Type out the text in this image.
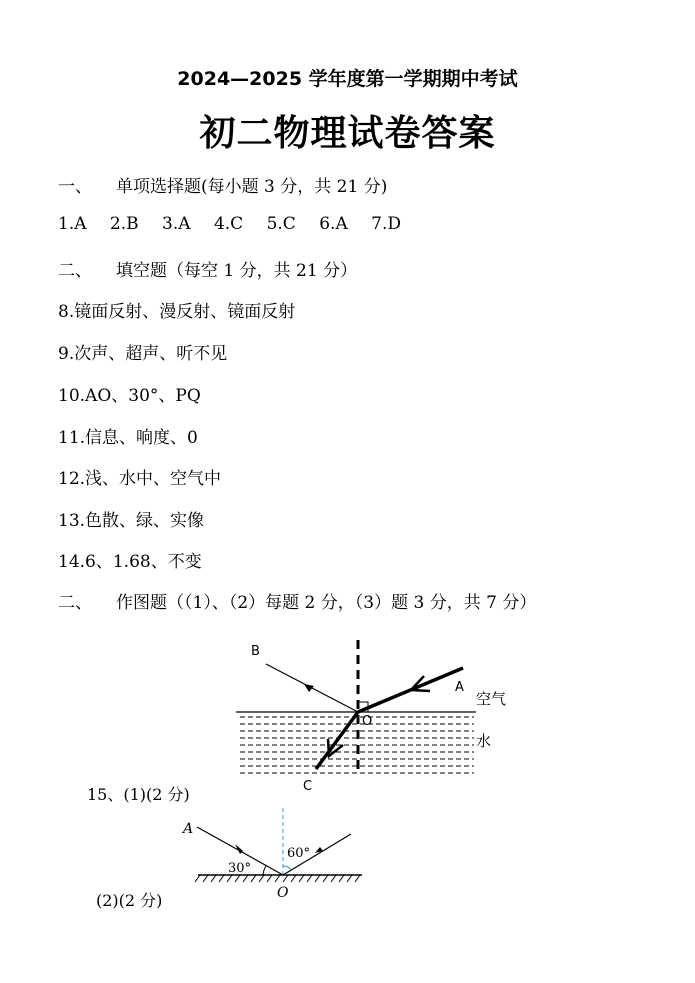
2024—2025 学年度第一学期期中考试
初二物理试卷答案
一、 单项选择题(每小题 3 分，共 21 分)
1.A 2.B 3.A 4.C 5.C 6.A 7.D
二、 填空题（每空 1 分，共 21 分）
8.镜面反射、漫反射、镜面反射
9.次声、超声、听不见
10.AO、30°、PQ
11.信息、响度、0
12.浅、水中、空气中
13.色散、绿、实像
14.6、1.68、不变
二、 作图题（（1）、（2）每题 2 分，（3）题 3 分，共 7 分）
B
A
O
C
空气
水
A
O
30°
60°
15、(1)(2 分)
(2)(2 分)
